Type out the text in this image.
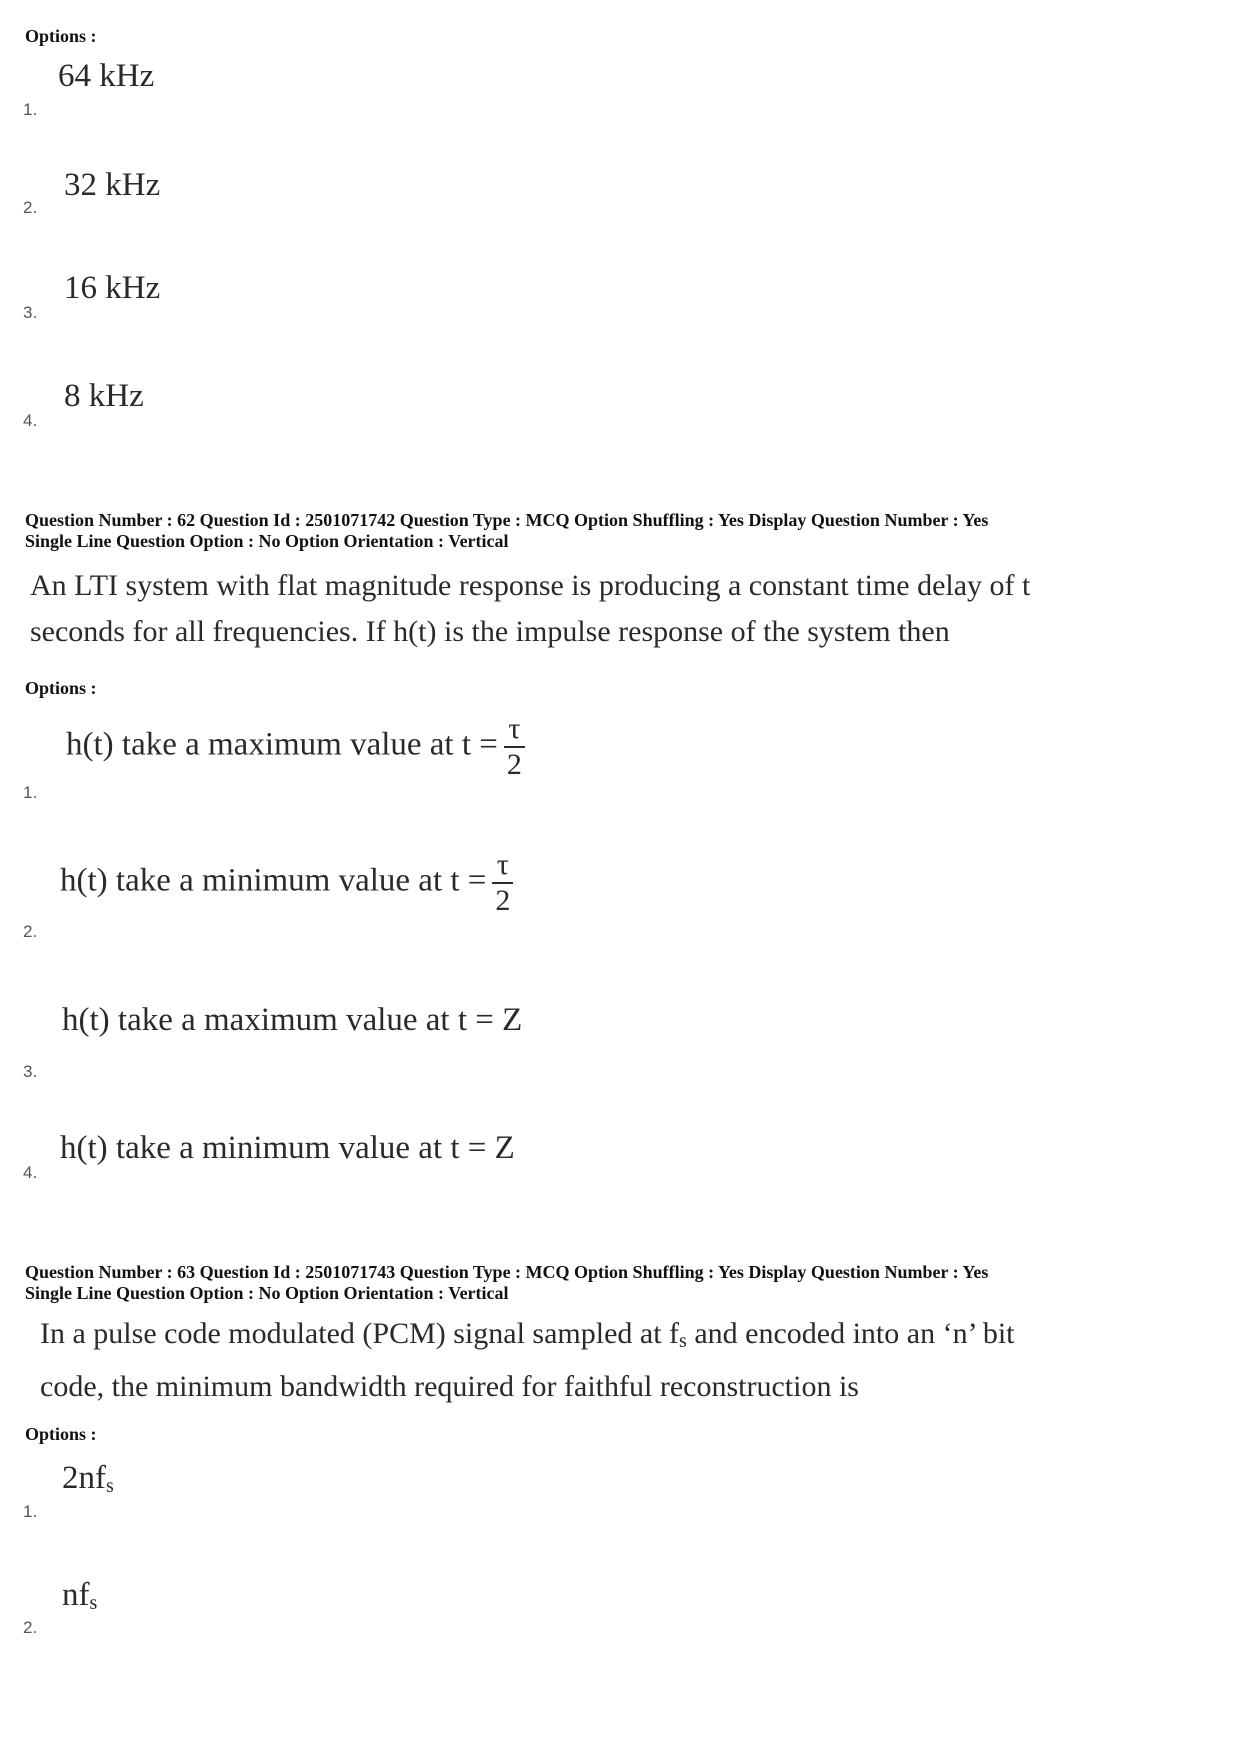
Options :
64 kHz
1.
32 kHz
2.
16 kHz
3.
8 kHz
4.
Question Number : 62 Question Id : 2501071742 Question Type : MCQ Option Shuffling : Yes Display Question Number : Yes
Single Line Question Option : No Option Orientation : Vertical
An LTI system with flat magnitude response is producing a constant time delay of t
seconds for all frequencies. If h(t) is the impulse response of the system then
Options :
h(t) take a maximum value at $t = \frac{\tau}{2}$
1.
h(t) take a minimum value at $t = \frac{\tau}{2}$
2.
h(t) take a maximum value at t = Z
3.
h(t) take a minimum value at t = Z
4.
Question Number : 63 Question Id : 2501071743 Question Type : MCQ Option Shuffling : Yes Display Question Number : Yes
Single Line Question Option : No Option Orientation : Vertical
In a pulse code modulated (PCM) signal sampled at $f_s$ and encoded into an ‘n’ bit
code, the minimum bandwidth required for faithful reconstruction is
Options :
$2nf_s$
1.
$nf_s$
2.
